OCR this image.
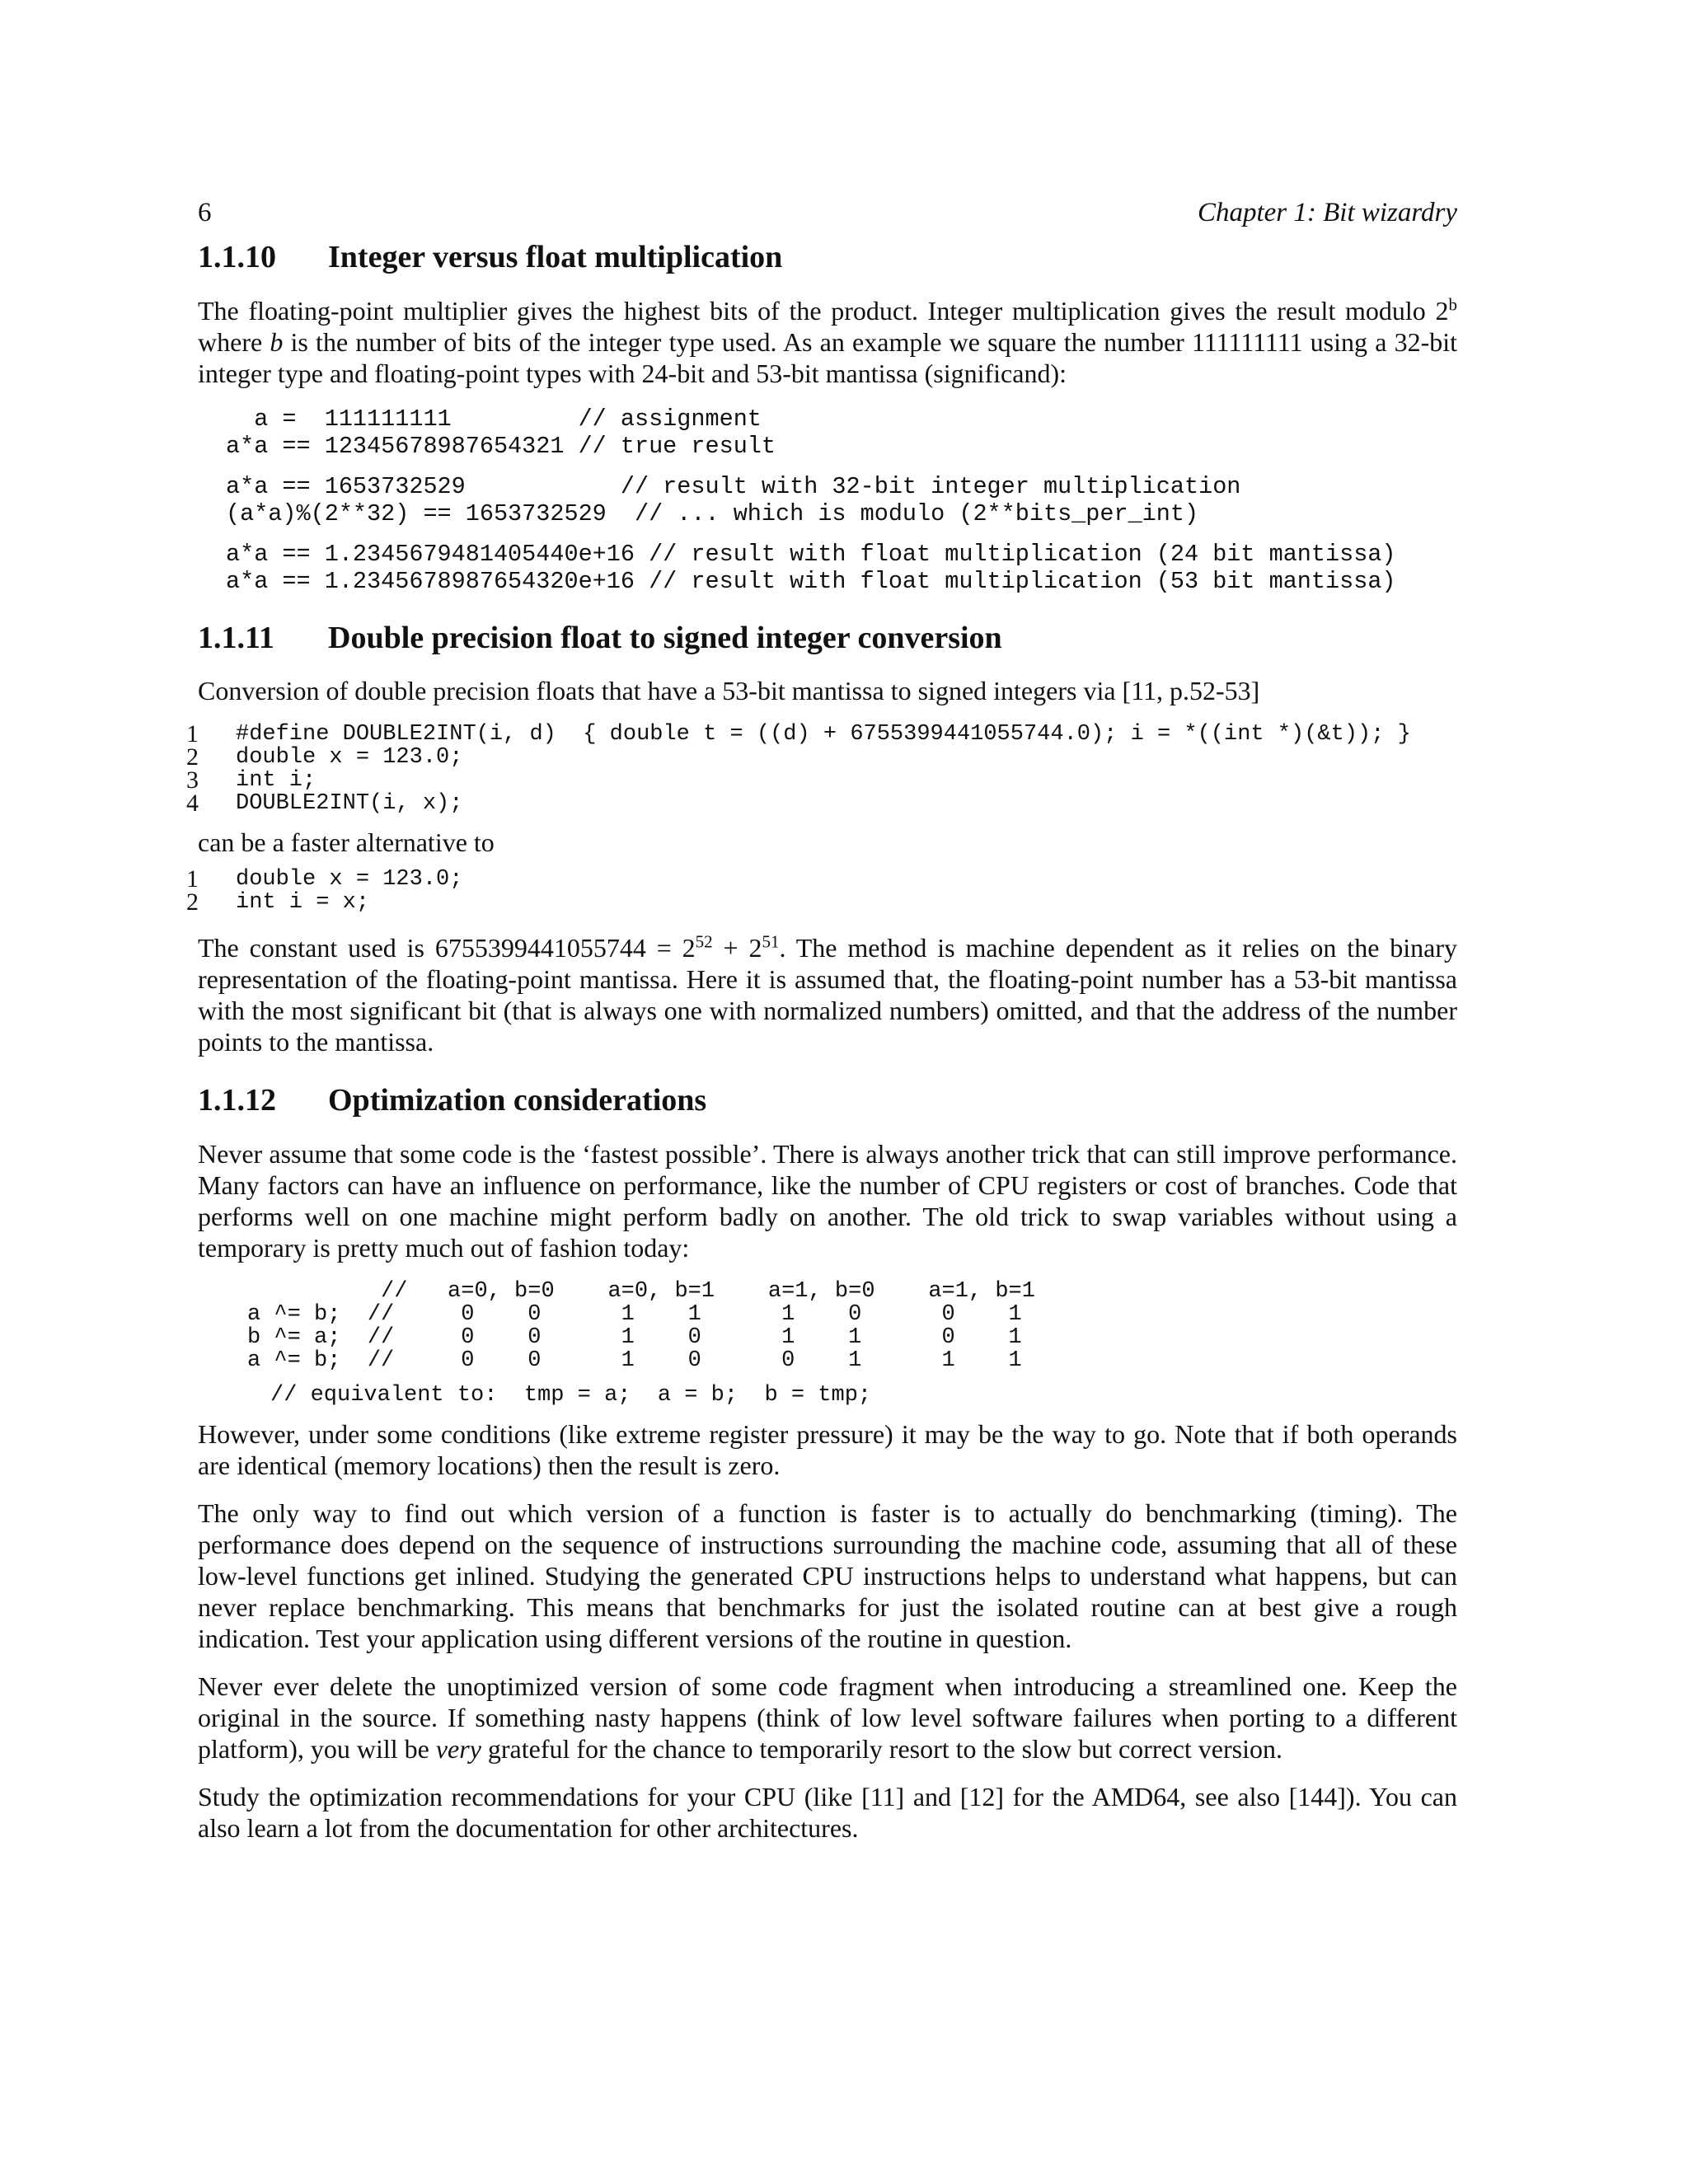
6	Chapter 1: Bit wizardry
1.1.10 Integer versus float multiplication

The floating-point multiplier gives the highest bits of the product. Integer multiplication gives the result modulo 2$^b$ where b is the number of bits of the integer type used. As an example we square the number 111111111 using a 32-bit integer type and floating-point types with 24-bit and 53-bit mantissa (significand):

a =  111111111         // assignment
a*a == 12345678987654321 // true result
a*a == 1653732529           // result with 32-bit integer multiplication
(a*a)%(2**32) == 1653732529  // ... which is modulo (2**bits_per_int)
a*a == 1.2345679481405440e+16 // result with float multiplication (24 bit mantissa)
a*a == 1.2345678987654320e+16 // result with float multiplication (53 bit mantissa)
1.1.11 Double precision float to signed integer conversion

Conversion of double precision floats that have a 53-bit mantissa to signed integers via [11, p.52-53]

1 #define DOUBLE2INT(i, d)  { double t = ((d) + 6755399441055744.0); i = *((int *)(&t)); }
2 double x = 123.0;
3 int i;
4 DOUBLE2INT(i, x);

can be a faster alternative to

1 double x = 123.0;
2 int i = x;

The constant used is $6755399441055744 = 2^{52} + 2^{51}$. The method is machine dependent as it relies on the binary representation of the floating-point mantissa. Here it is assumed that, the floating-point number has a 53-bit mantissa with the most significant bit (that is always one with normalized numbers) omitted, and that the address of the number points to the mantissa.

1.1.12 Optimization considerations

Never assume that some code is the ‘fastest possible’. There is always another trick that can still improve performance. Many factors can have an influence on performance, like the number of CPU registers or cost of branches. Code that performs well on one machine might perform badly on another. The old trick to swap variables without using a temporary is pretty much out of fashion today:

//   a=0, b=0    a=0, b=1    a=1, b=0    a=1, b=1
a ^= b;  //     0    0      1    1      1    0      0    1
b ^= a;  //     0    0      1    0      1    1      0    1
a ^= b;  //     0    0      1    0      0    1      1    1
// equivalent to:  tmp = a;  a = b;  b = tmp;

However, under some conditions (like extreme register pressure) it may be the way to go. Note that if both operands are identical (memory locations) then the result is zero.

The only way to find out which version of a function is faster is to actually do benchmarking (timing). The performance does depend on the sequence of instructions surrounding the machine code, assuming that all of these low-level functions get inlined. Studying the generated CPU instructions helps to understand what happens, but can never replace benchmarking. This means that benchmarks for just the isolated routine can at best give a rough indication. Test your application using different versions of the routine in question.

Never ever delete the unoptimized version of some code fragment when introducing a streamlined one. Keep the original in the source. If something nasty happens (think of low level software failures when porting to a different platform), you will be very grateful for the chance to temporarily resort to the slow but correct version.

Study the optimization recommendations for your CPU (like [11] and [12] for the AMD64, see also [144]). You can also learn a lot from the documentation for other architectures.
